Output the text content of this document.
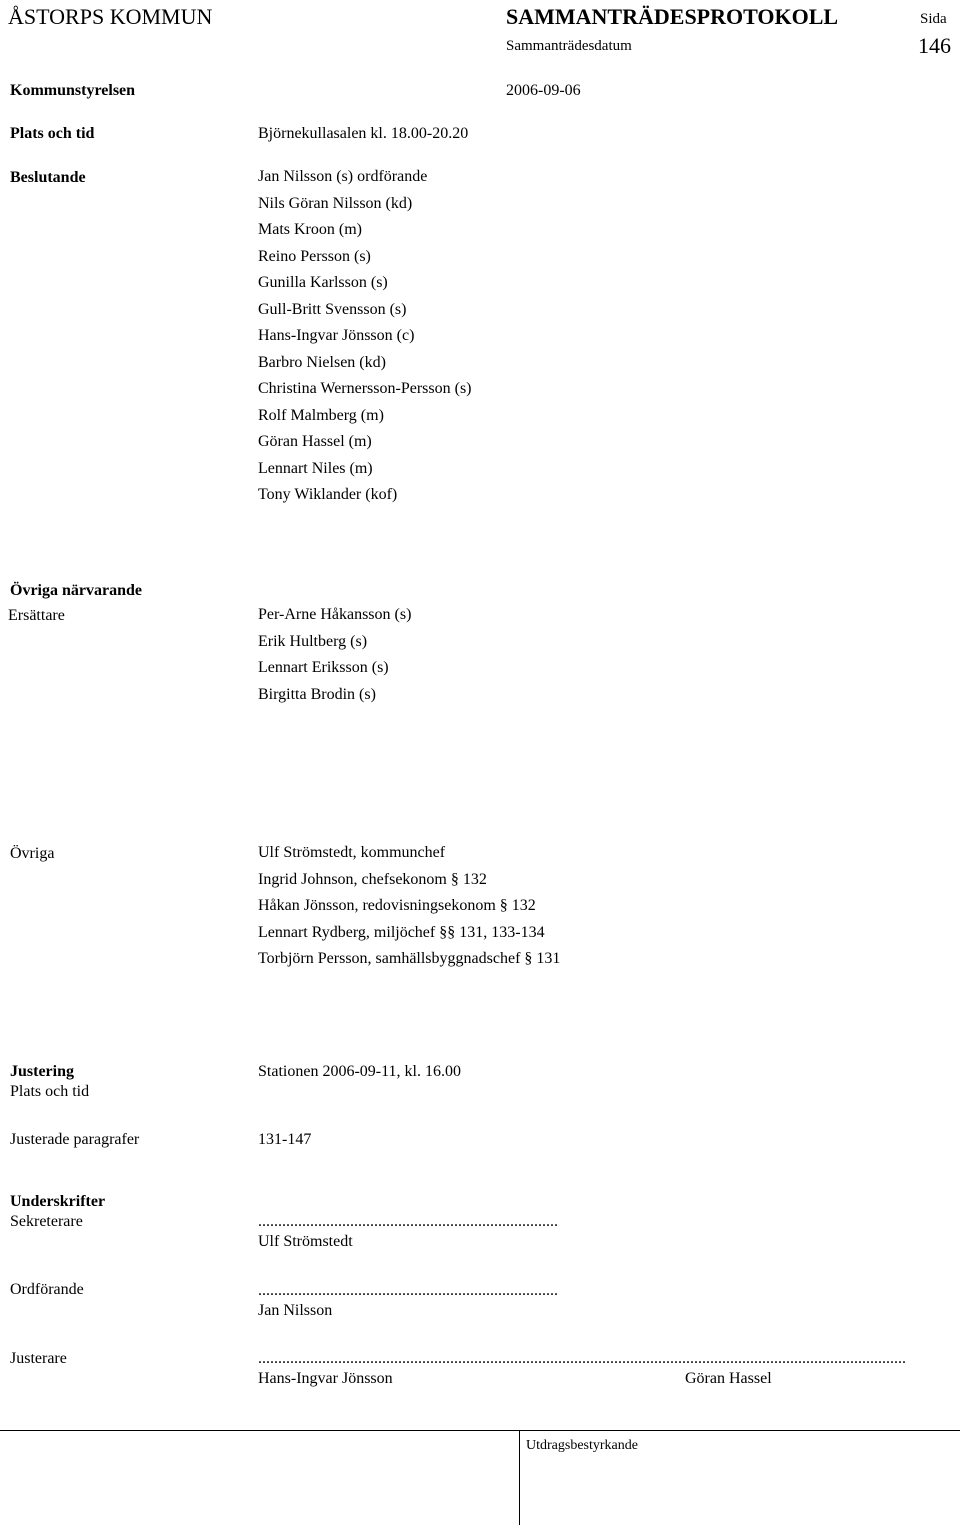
ÅSTORPS KOMMUN	SAMMANTRÄDESPROTOKOLL	Sida
Sammanträdesdatum	146
Kommunstyrelsen	2006-09-06
Plats och tid	Björnekullasalen kl. 18.00-20.20
Beslutande	Jan Nilsson (s) ordförande
Nils Göran Nilsson (kd)
Mats Kroon (m)
Reino Persson (s)
Gunilla Karlsson (s)
Gull-Britt Svensson (s)
Hans-Ingvar Jönsson (c)
Barbro Nielsen (kd)
Christina Wernersson-Persson (s)
Rolf Malmberg (m)
Göran Hassel (m)
Lennart Niles (m)
Tony Wiklander (kof)
Övriga närvarande
Ersättare	Per-Arne Håkansson (s)
Erik Hultberg (s)
Lennart Eriksson (s)
Birgitta Brodin (s)
Övriga	Ulf Strömstedt, kommunchef
Ingrid Johnson, chefsekonom § 132
Håkan Jönsson, redovisningsekonom § 132
Lennart Rydberg, miljöchef §§ 131, 133-134
Torbjörn Persson, samhällsbyggnadschef § 131
Justering	Stationen 2006-09-11, kl. 16.00
Plats och tid
Justerade paragrafer	131-147
Underskrifter
Sekreterare	...........................................................................
Ulf Strömstedt
Ordförande	...........................................................................
Jan Nilsson
Justerare	..................................................................................................................................................................
Hans-Ingvar Jönsson	Göran Hassel
Utdragsbestyrkande
